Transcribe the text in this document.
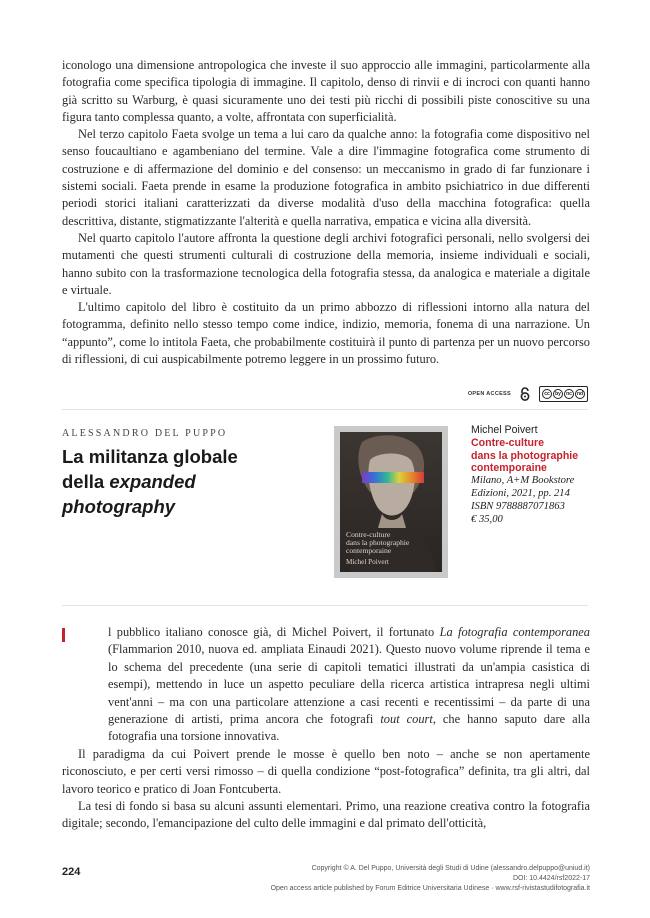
iconologo una dimensione antropologica che investe il suo approccio alle immagini, particolarmente alla fotografia come specifica tipologia di immagine. Il capitolo, denso di rinvii e di incroci con quanti hanno già scritto su Warburg, è quasi sicuramente uno dei testi più ricchi di possibili piste conoscitive su una figura tanto complessa quanto, a volte, affrontata con superficialità.

Nel terzo capitolo Faeta svolge un tema a lui caro da qualche anno: la fotografia come dispositivo nel senso foucaultiano e agambeniano del termine. Vale a dire l'immagine fotografica come strumento di costruzione e di affermazione del dominio e del consenso: un meccanismo in grado di far funzionare i sistemi sociali. Faeta prende in esame la produzione fotografica in ambito psichiatrico in due differenti periodi storici italiani caratterizzati da diverse modalità d'uso della macchina fotografica: quella descrittiva, distante, stigmatizzante l'alterità e quella narrativa, empatica e vicina alla diversità.

Nel quarto capitolo l'autore affronta la questione degli archivi fotografici personali, nello svolgersi dei mutamenti che questi strumenti culturali di costruzione della memoria, insieme individuali e sociali, hanno subito con la trasformazione tecnologica della fotografia stessa, da analogica e materiale a digitale e virtuale.

L'ultimo capitolo del libro è costituito da un primo abbozzo di riflessioni intorno alla natura del fotogramma, definito nello stesso tempo come indice, indizio, memoria, fonema di una narrazione. Un “appunto”, come lo intitola Faeta, che probabilmente costituirà il punto di partenza per un nuovo percorso di riflessioni, di cui auspicabilmente potremo leggere in un prossimo futuro.

OPEN ACCESS	cc	by	nc	nd
ALESSANDRO DEL PUPPO
La militanza globale
della expanded
photography
Contre-culture
dans la photographie
contemporaine
Michel Poivert
Michel Poivert
Contre-culture
dans la photographie
contemporaine
Milano, A+M Bookstore
Edizioni, 2021, pp. 214
ISBN 9788887071863
€ 35,00

l pubblico italiano conosce già, di Michel Poivert, il fortunato La fotografia contemporanea (Flammarion 2010, nuova ed. ampliata Einaudi 2021). Questo nuovo volume riprende il tema e lo schema del precedente (una serie di capitoli tematici illustrati da un'ampia casistica di esempi), mettendo in luce un aspetto peculiare della ricerca artistica intrapresa negli ultimi vent'anni – ma con una particolare attenzione a casi recenti e recentissimi – da parte di una generazione di artisti, prima ancora che fotografi tout court, che hanno saputo dare alla fotografia una torsione innovativa.

Il paradigma da cui Poivert prende le mosse è quello ben noto – anche se non apertamente riconosciuto, e per certi versi rimosso – di quella condizione “post-fotografica” definita, tra gli altri, dal lavoro teorico e pratico di Joan Fontcuberta.

La tesi di fondo si basa su alcuni assunti elementari. Primo, una reazione creativa contro la fotografia digitale; secondo, l'emancipazione del culto delle immagini e dal primato dell'otticità,

224	Copyright © A. Del Puppo, Università degli Studi di Udine (alessandro.delpuppo@uniud.it)
DOI: 10.4424/rsf2022-17
Open access article published by Forum Editrice Universitaria Udinese · www.rsf-rivistastudifotografia.it
